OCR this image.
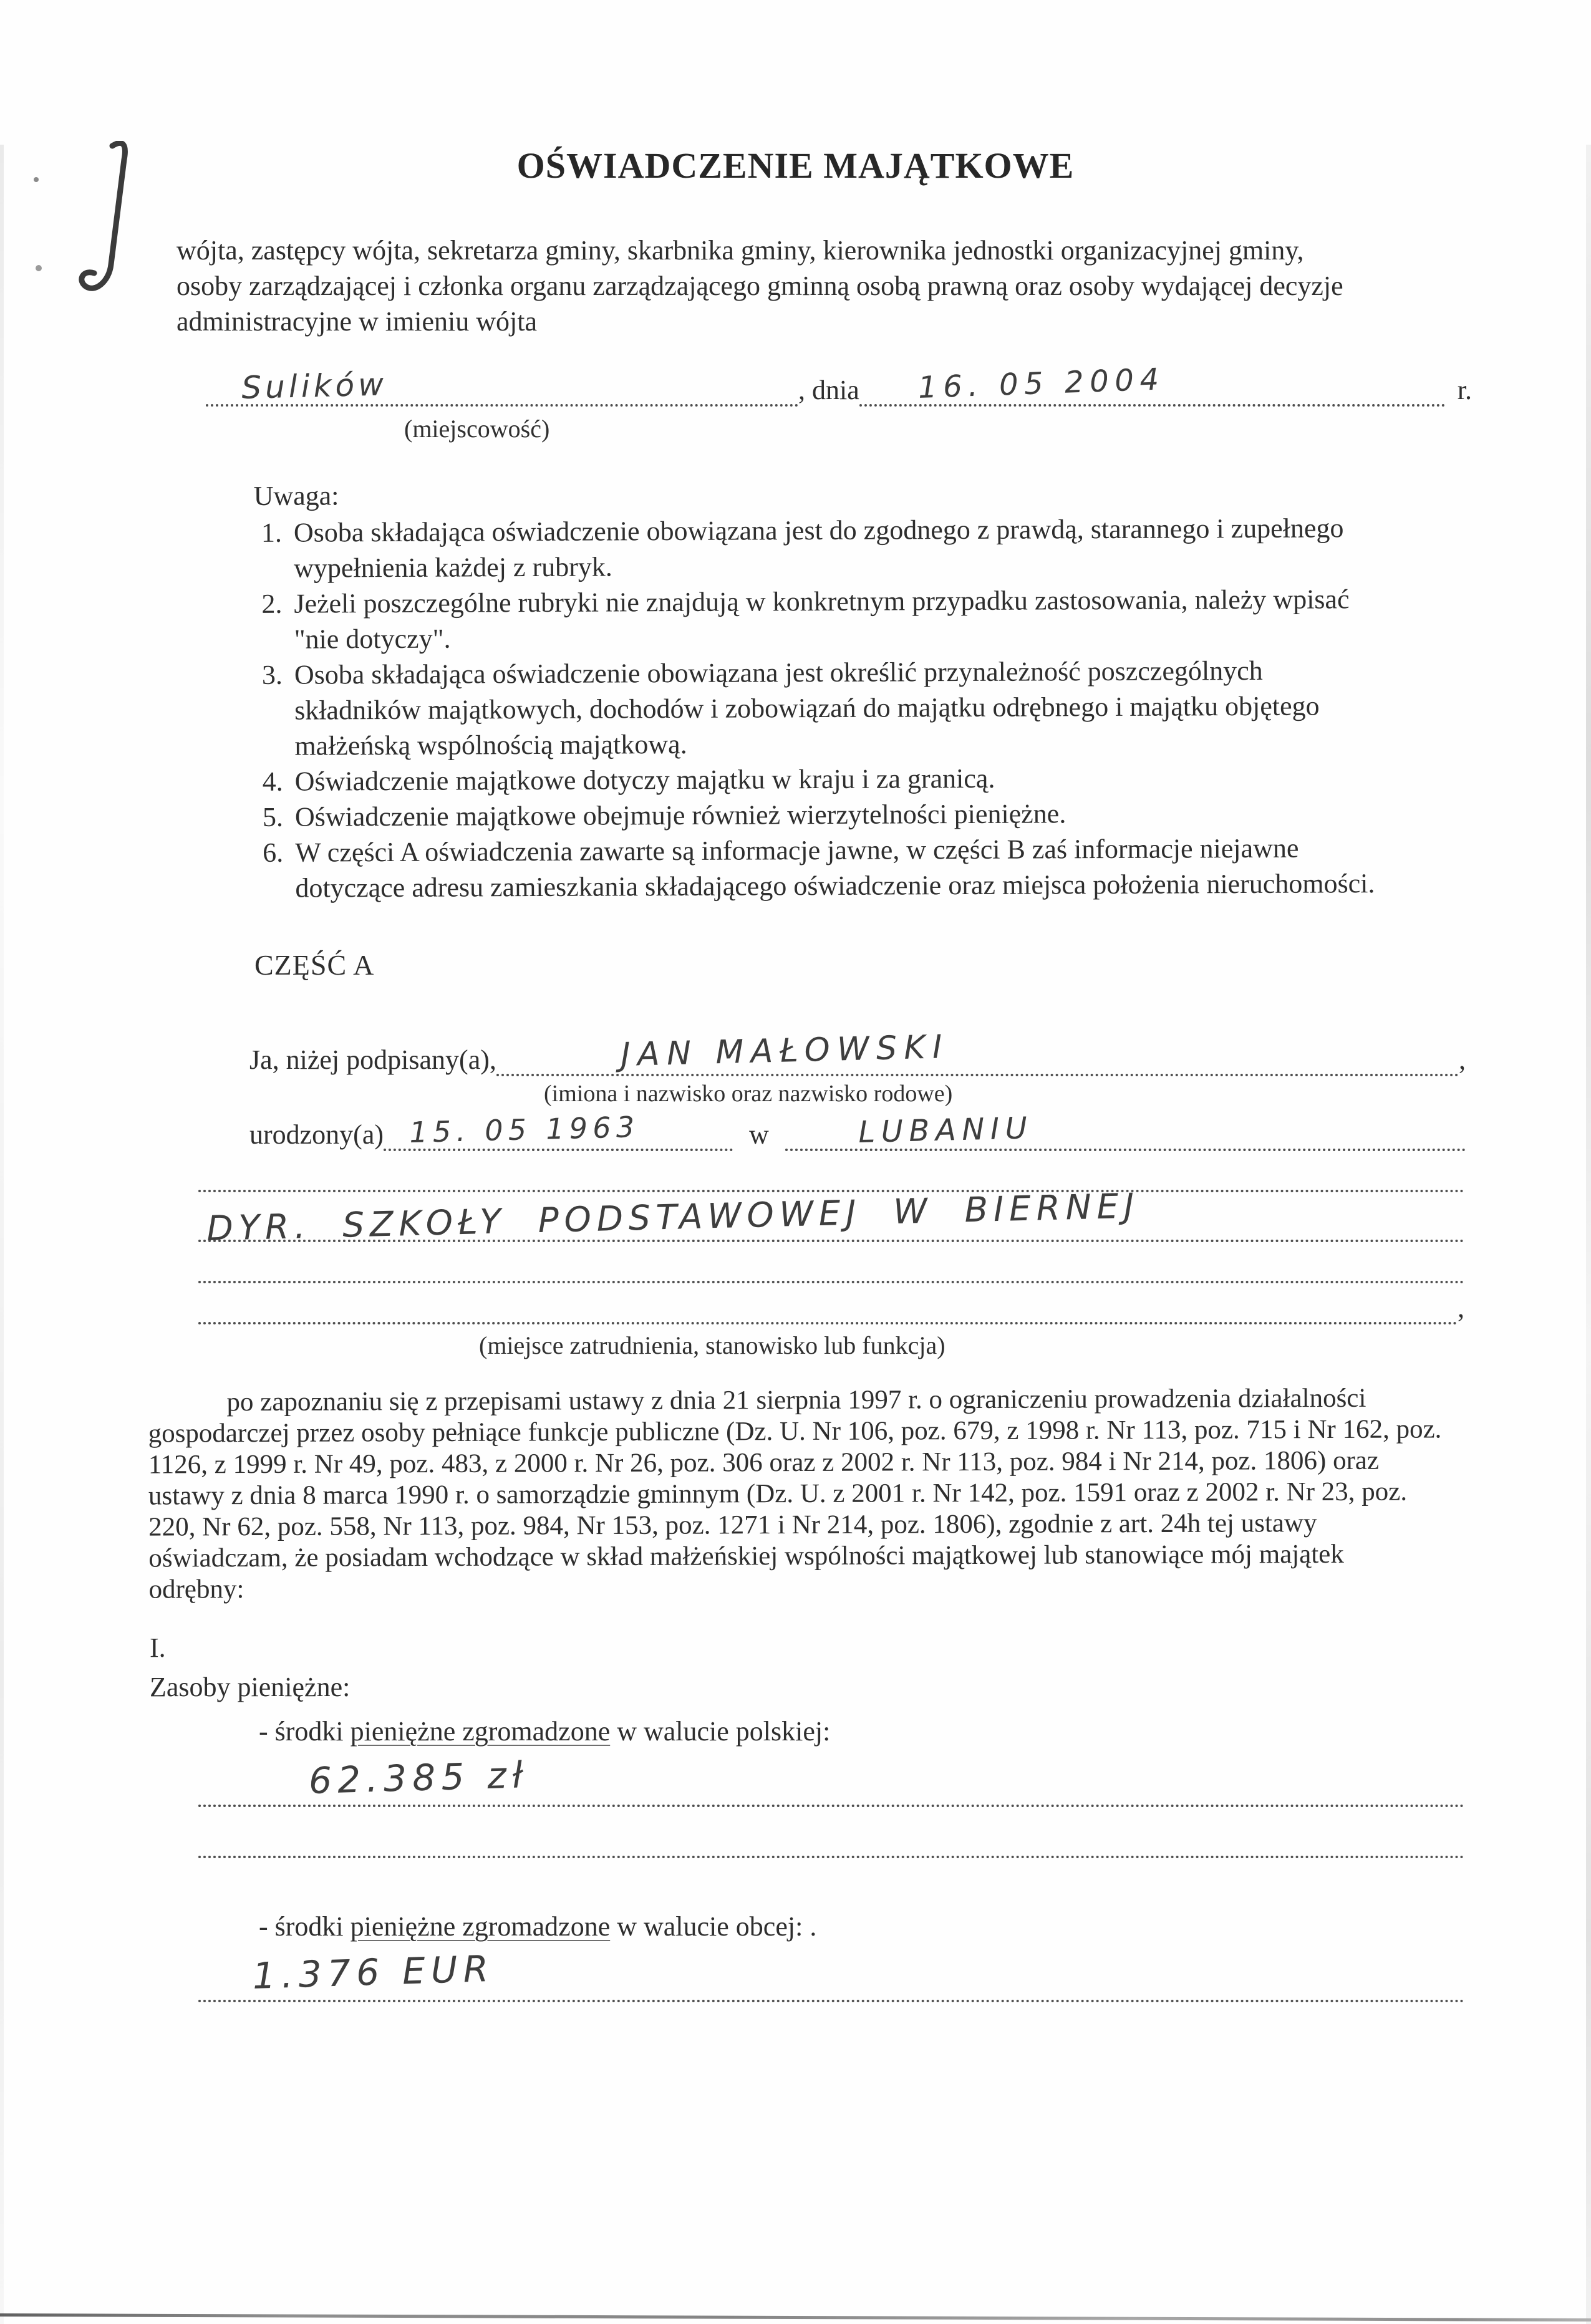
OŚWIADCZENIE MAJĄTKOWE

wójta, zastępcy wójta, sekretarza gminy, skarbnika gminy, kierownika jednostki organizacyjnej gminy, osoby zarządzającej i członka organu zarządzającego gminną osobą prawną oraz osoby wydającej decyzje administracyjne w imieniu wójta

Sulików	, dnia 16. 05 2004	r.
(miejscowość)

Uwaga:

1. Osoba składająca oświadczenie obowiązana jest do zgodnego z prawdą, starannego i zupełnego wypełnienia każdej z rubryk.
2. Jeżeli poszczególne rubryki nie znajdują w konkretnym przypadku zastosowania, należy wpisać "nie dotyczy".
3. Osoba składająca oświadczenie obowiązana jest określić przynależność poszczególnych składników majątkowych, dochodów i zobowiązań do majątku odrębnego i majątku objętego małżeńską wspólnością majątkową.
4. Oświadczenie majątkowe dotyczy majątku w kraju i za granicą.
5. Oświadczenie majątkowe obejmuje również wierzytelności pieniężne.
6. W części A oświadczenia zawarte są informacje jawne, w części B zaś informacje niejawne dotyczące adresu zamieszkania składającego oświadczenie oraz miejsca położenia nieruchomości.
CZĘŚĆ A
Ja, niżej podpisany(a),	JAN MAŁOWSKI	,
(imiona i nazwisko oraz nazwisko rodowe)
urodzony(a) 15. 05 1963	w	LUBANIU
DYR. SZKOŁY PODSTAWOWEJ W BIERNEJ
,
(miejsce zatrudnienia, stanowisko lub funkcja)

po zapoznaniu się z przepisami ustawy z dnia 21 sierpnia 1997 r. o ograniczeniu prowadzenia działalności gospodarczej przez osoby pełniące funkcje publiczne (Dz. U. Nr 106, poz. 679, z 1998 r. Nr 113, poz. 715 i Nr 162, poz. 1126, z 1999 r. Nr 49, poz. 483, z 2000 r. Nr 26, poz. 306 oraz z 2002 r. Nr 113, poz. 984 i Nr 214, poz. 1806) oraz ustawy z dnia 8 marca 1990 r. o samorządzie gminnym (Dz. U. z 2001 r. Nr 142, poz. 1591 oraz z 2002 r. Nr 23, poz. 220, Nr 62, poz. 558, Nr 113, poz. 984, Nr 153, poz. 1271 i Nr 214, poz. 1806), zgodnie z art. 24h tej ustawy oświadczam, że posiadam wchodzące w skład małżeńskiej wspólności majątkowej lub stanowiące mój majątek odrębny:

I.
Zasoby pieniężne:

- środki pieniężne zgromadzone w walucie polskiej:

62.385 zł

- środki pieniężne zgromadzone w walucie obcej: .

1.376 EUR
